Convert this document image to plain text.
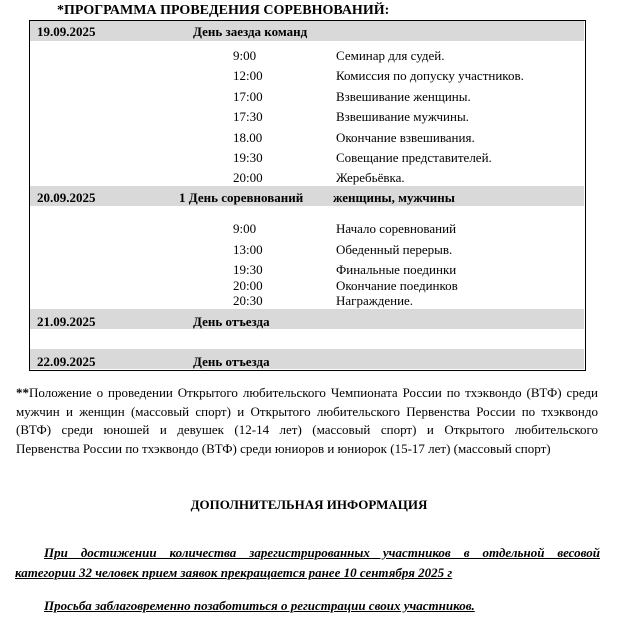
*ПРОГРАММА ПРОВЕДЕНИЯ СОРЕВНОВАНИЙ:
19.09.2025	День заезда команд
9:00	Семинар для судей.
12:00	Комиссия по допуску участников.
17:00	Взвешивание женщины.
17:30	Взвешивание мужчины.
18.00	Окончание взвешивания.
19:30	Совещание представителей.
20:00	Жеребьёвка.
20.09.2025	1 День соревнований женщины, мужчины
9:00	Начало соревнований
13:00	Обеденный перерыв.
19:30	Финальные поединки
20:00	Окончание поединков
20:30	Награждение.
21.09.2025	День отъезда
22.09.2025	День отъезда
**Положение о проведении Открытого любительского Чемпионата России по тхэквондо (ВТФ) среди
мужчин и женщин (массовый спорт) и Открытого любительского Первенства России по тхэквондо
(ВТФ) среди юношей и девушек (12-14 лет) (массовый спорт) и Открытого любительского
Первенства России по тхэквондо (ВТФ) среди юниоров и юниорок (15-17 лет) (массовый спорт)
ДОПОЛНИТЕЛЬНАЯ ИНФОРМАЦИЯ
При достижении количества зарегистрированных участников в отдельной весовой
категории 32 человек прием заявок прекращается ранее 10 сентября 2025 г
Просьба заблаговременно позаботиться о регистрации своих участников.
